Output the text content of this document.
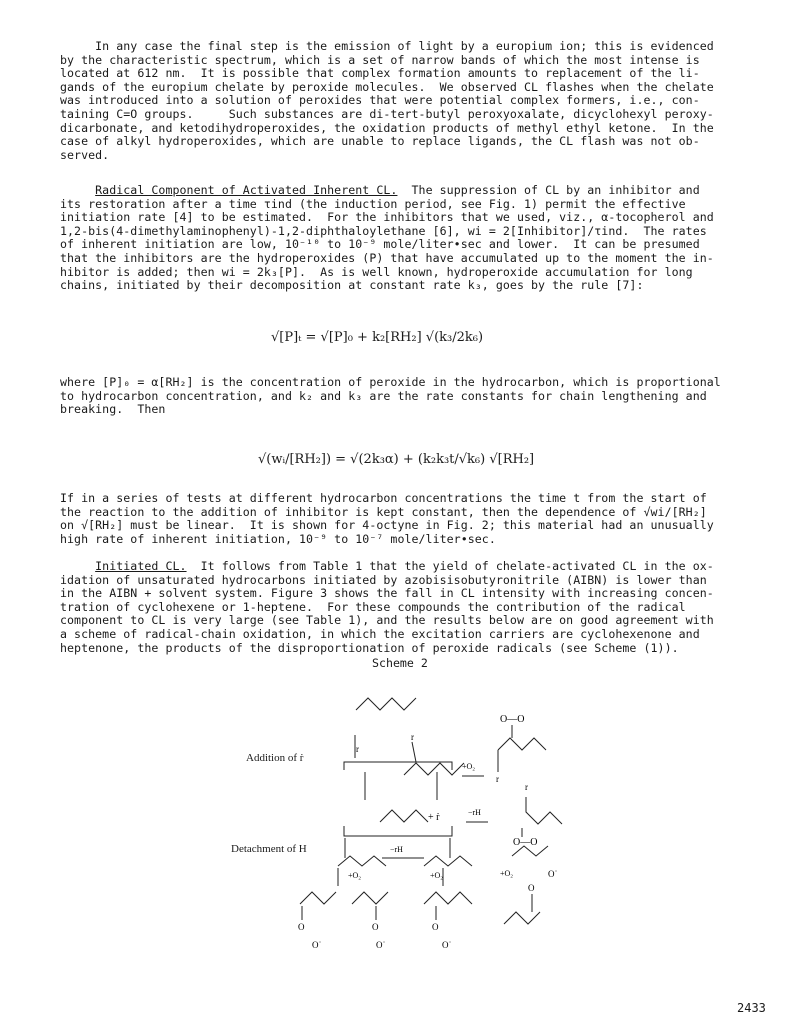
In any case the final step is the emission of light by a europium ion; this is evidenced
by the characteristic spectrum, which is a set of narrow bands of which the most intense is
located at 612 nm.  It is possible that complex formation amounts to replacement of the li-
gands of the europium chelate by peroxide molecules.  We observed CL flashes when the chelate
was introduced into a solution of peroxides that were potential complex formers, i.e., con-
taining C=O groups.     Such substances are di-tert-butyl peroxyoxalate, dicyclohexyl peroxy-
dicarbonate, and ketodihydroperoxides, the oxidation products of methyl ethyl ketone.  In the
case of alkyl hydroperoxides, which are unable to replace ligands, the CL flash was not ob-
served.
Radical Component of Activated Inherent CL.  The suppression of CL by an inhibitor and
its restoration after a time τind (the induction period, see Fig. 1) permit the effective
initiation rate [4] to be estimated.  For the inhibitors that we used, viz., α-tocopherol and
1,2-bis(4-dimethylaminophenyl)-1,2-diphthaloylethane [6], wi = 2[Inhibitor]/τind.  The rates
of inherent initiation are low, 10⁻¹⁰ to 10⁻⁹ mole/liter•sec and lower.  It can be presumed
that the inhibitors are the hydroperoxides (P) that have accumulated up to the moment the in-
hibitor is added; then wi = 2k₃[P].  As is well known, hydroperoxide accumulation for long
chains, initiated by their decomposition at constant rate k₃, goes by the rule [7]:
√[P]ₜ = √[P]₀ + k₂[RH₂] √(k₃/2k₆)
where [P]₀ = α[RH₂] is the concentration of peroxide in the hydrocarbon, which is proportional
to hydrocarbon concentration, and k₂ and k₃ are the rate constants for chain lengthening and
breaking.  Then
√(wᵢ/[RH₂]) = √(2k₃α) + (k₂k₃t/√k₆) √[RH₂]
If in a series of tests at different hydrocarbon concentrations the time t from the start of
the reaction to the addition of inhibitor is kept constant, then the dependence of √wi/[RH₂]
on √[RH₂] must be linear.  It is shown for 4-octyne in Fig. 2; this material had an unusually
high rate of inherent initiation, 10⁻⁹ to 10⁻⁷ mole/liter•sec.
Initiated CL.  It follows from Table 1 that the yield of chelate-activated CL in the ox-
idation of unsaturated hydrocarbons initiated by azobisisobutyronitrile (AIBN) is lower than
in the AIBN + solvent system. Figure 3 shows the fall in CL intensity with increasing concen-
tration of cyclohexene or 1-heptene.  For these compounds the contribution of the radical
component to CL is very large (see Table 1), and the results below are on good agreement with
a scheme of radical-chain oxidation, in which the excitation carriers are cyclohexenone and
heptenone, the products of the disproportionation of peroxide radicals (see Scheme (1)).
Scheme 2
Addition of ṙ
Detachment of H
r
r
+O₂
O—O
r
+ ṙ	−rH
r
O—O
+O₂
−rH
+O₂	+O₂
O
O˙
O
O˙
O
O˙
O
O˙
2433
